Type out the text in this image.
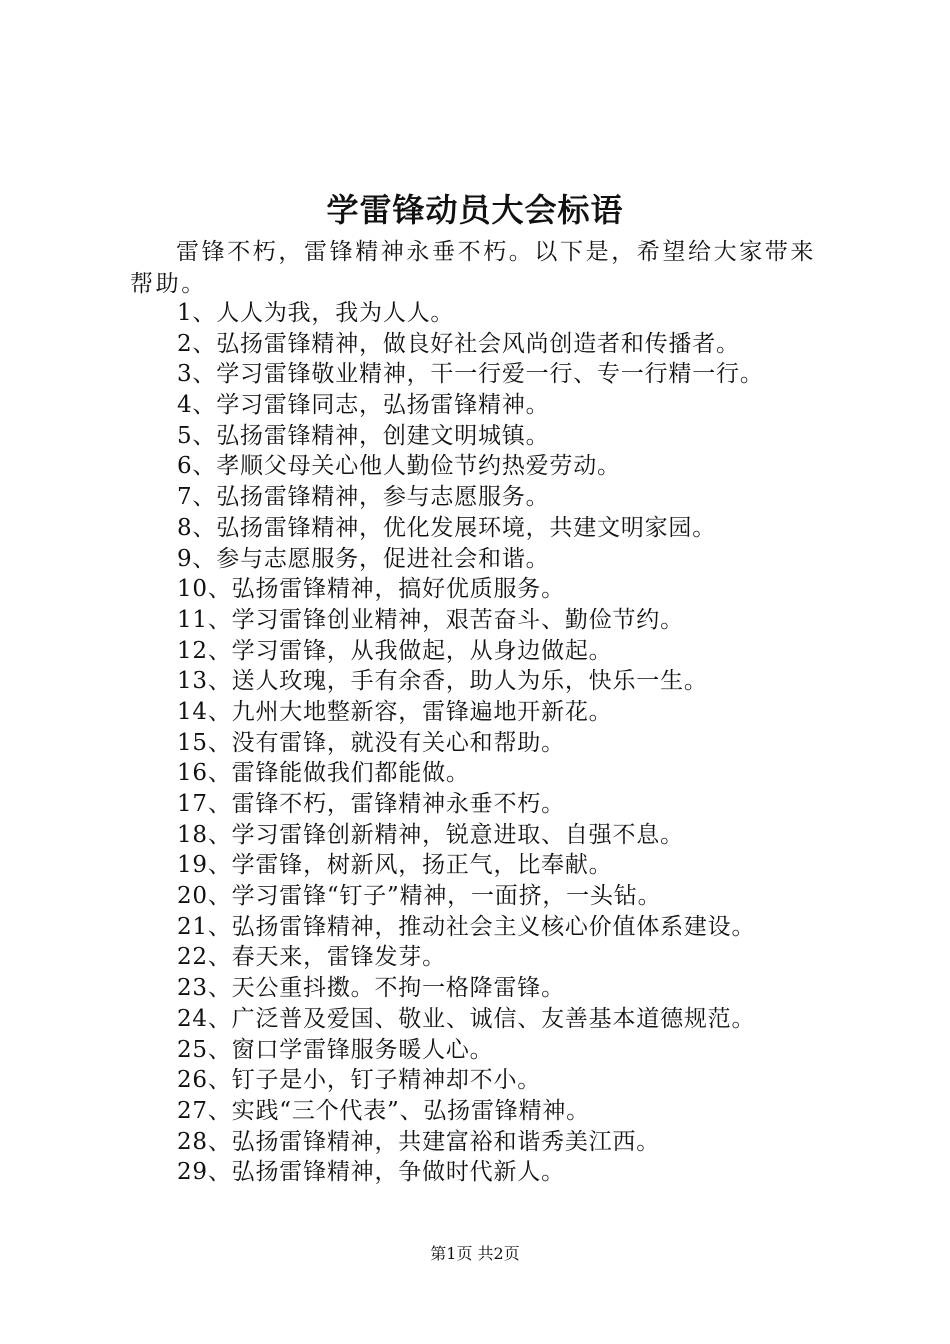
学雷锋动员大会标语
雷锋不朽，雷锋精神永垂不朽。以下是，希望给大家带来帮助。
1、人人为我，我为人人。
2、弘扬雷锋精神，做良好社会风尚创造者和传播者。
3、学习雷锋敬业精神，干一行爱一行、专一行精一行。
4、学习雷锋同志，弘扬雷锋精神。
5、弘扬雷锋精神，创建文明城镇。
6、孝顺父母关心他人勤俭节约热爱劳动。
7、弘扬雷锋精神，参与志愿服务。
8、弘扬雷锋精神，优化发展环境，共建文明家园。
9、参与志愿服务，促进社会和谐。
10、弘扬雷锋精神，搞好优质服务。
11、学习雷锋创业精神，艰苦奋斗、勤俭节约。
12、学习雷锋，从我做起，从身边做起。
13、送人玫瑰，手有余香，助人为乐，快乐一生。
14、九州大地整新容，雷锋遍地开新花。
15、没有雷锋，就没有关心和帮助。
16、雷锋能做我们都能做。
17、雷锋不朽，雷锋精神永垂不朽。
18、学习雷锋创新精神，锐意进取、自强不息。
19、学雷锋，树新风，扬正气，比奉献。
20、学习雷锋“钉子”精神，一面挤，一头钻。
21、弘扬雷锋精神，推动社会主义核心价值体系建设。
22、春天来，雷锋发芽。
23、天公重抖擞。不拘一格降雷锋。
24、广泛普及爱国、敬业、诚信、友善基本道德规范。
25、窗口学雷锋服务暖人心。
26、钉子是小，钉子精神却不小。
27、实践“三个代表”、弘扬雷锋精神。
28、弘扬雷锋精神，共建富裕和谐秀美江西。
29、弘扬雷锋精神，争做时代新人。
第1页 共2页
